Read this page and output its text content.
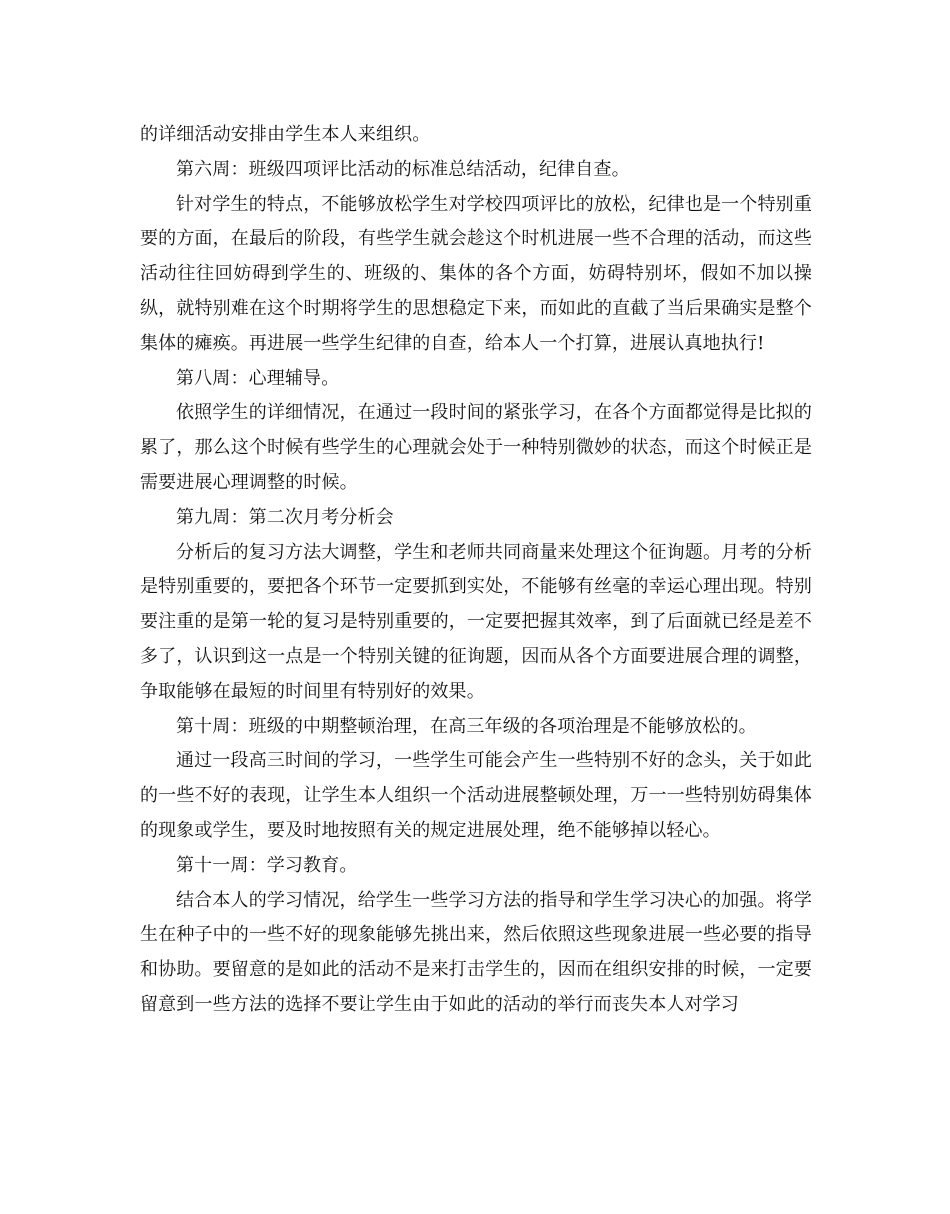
的详细活动安排由学生本人来组织。

第六周：班级四项评比活动的标准总结活动，纪律自查。

针对学生的特点，不能够放松学生对学校四项评比的放松，纪律也是一个特别重要的方面，在最后的阶段，有些学生就会趁这个时机进展一些不合理的活动，而这些活动往往回妨碍到学生的、班级的、集体的各个方面，妨碍特别坏，假如不加以操纵，就特别难在这个时期将学生的思想稳定下来，而如此的直截了当后果确实是整个集体的瘫痪。再进展一些学生纪律的自查，给本人一个打算，进展认真地执行!

第八周：心理辅导。

依照学生的详细情况，在通过一段时间的紧张学习，在各个方面都觉得是比拟的累了，那么这个时候有些学生的心理就会处于一种特别微妙的状态，而这个时候正是需要进展心理调整的时候。

第九周：第二次月考分析会

分析后的复习方法大调整，学生和老师共同商量来处理这个征询题。月考的分析是特别重要的，要把各个环节一定要抓到实处，不能够有丝毫的幸运心理出现。特别要注重的是第一轮的复习是特别重要的，一定要把握其效率，到了后面就已经是差不多了，认识到这一点是一个特别关键的征询题，因而从各个方面要进展合理的调整，争取能够在最短的时间里有特别好的效果。

第十周：班级的中期整顿治理，在高三年级的各项治理是不能够放松的。

通过一段高三时间的学习，一些学生可能会产生一些特别不好的念头，关于如此的一些不好的表现，让学生本人组织一个活动进展整顿处理，万一一些特别妨碍集体的现象或学生，要及时地按照有关的规定进展处理，绝不能够掉以轻心。

第十一周：学习教育。

结合本人的学习情况，给学生一些学习方法的指导和学生学习决心的加强。将学生在种子中的一些不好的现象能够先挑出来，然后依照这些现象进展一些必要的指导和协助。要留意的是如此的活动不是来打击学生的，因而在组织安排的时候，一定要留意到一些方法的选择不要让学生由于如此的活动的举行而丧失本人对学习
